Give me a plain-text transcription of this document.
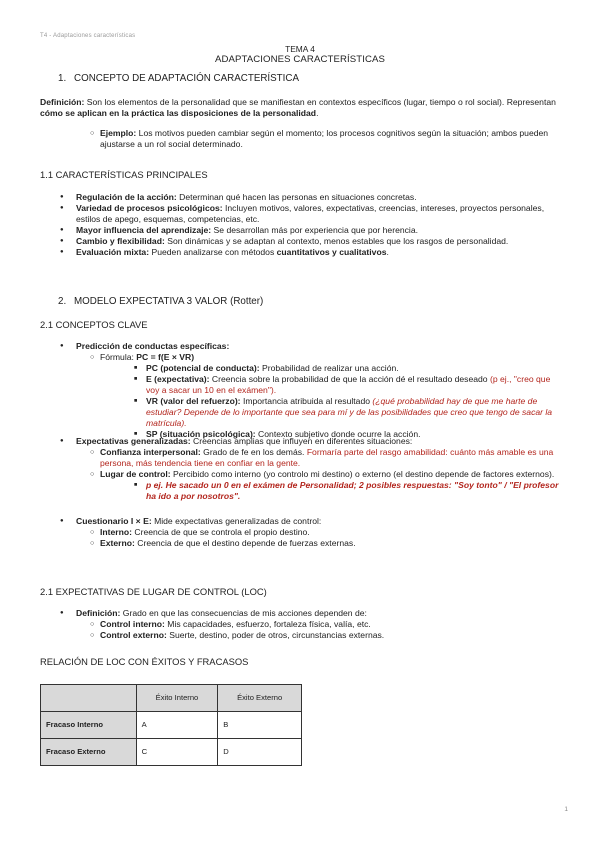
T4 - Adaptaciones características
TEMA 4
ADAPTACIONES CARACTERÍSTICAS
1. CONCEPTO DE ADAPTACIÓN CARACTERÍSTICA
Definición: Son los elementos de la personalidad que se manifiestan en contextos específicos (lugar, tiempo o rol social). Representan cómo se aplican en la práctica las disposiciones de la personalidad.
○ Ejemplo: Los motivos pueden cambiar según el momento; los procesos cognitivos según la situación; ambos pueden ajustarse a un rol social determinado.
1.1 CARACTERÍSTICAS PRINCIPALES
● Regulación de la acción: Determinan qué hacen las personas en situaciones concretas.
● Variedad de procesos psicológicos: Incluyen motivos, valores, expectativas, creencias, intereses, proyectos personales, estilos de apego, esquemas, competencias, etc.
● Mayor influencia del aprendizaje: Se desarrollan más por experiencia que por herencia.
● Cambio y flexibilidad: Son dinámicas y se adaptan al contexto, menos estables que los rasgos de personalidad.
● Evaluación mixta: Pueden analizarse con métodos cuantitativos y cualitativos.
2. MODELO EXPECTATIVA 3 VALOR (Rotter)
2.1 CONCEPTOS CLAVE
● Predicción de conductas específicas:
○ Fórmula: PC = f(E × VR)
■ PC (potencial de conducta): Probabilidad de realizar una acción.
■ E (expectativa): Creencia sobre la probabilidad de que la acción dé el resultado deseado (p ej., "creo que voy a sacar un 10 en el exámen").
■ VR (valor del refuerzo): Importancia atribuida al resultado (¿qué probabilidad hay de que me harte de estudiar? Depende de lo importante que sea para mí y de las posibilidades que creo que tengo de sacar la matrícula).
■ SP (situación psicológica): Contexto subjetivo donde ocurre la acción.
● Expectativas generalizadas: Creencias amplias que influyen en diferentes situaciones:
○ Confianza interpersonal: Grado de fe en los demás. Formaría parte del rasgo amabilidad: cuánto más amable es una persona, más tendencia tiene en confiar en la gente.
○ Lugar de control: Percibido como interno (yo controlo mi destino) o externo (el destino depende de factores externos).
■ p ej. He sacado un 0 en el exámen de Personalidad; 2 posibles respuestas: "Soy tonto" / "El profesor ha ido a por nosotros".
● Cuestionario I × E: Mide expectativas generalizadas de control:
○ Interno: Creencia de que se controla el propio destino.
○ Externo: Creencia de que el destino depende de fuerzas externas.
2.1 EXPECTATIVAS DE LUGAR DE CONTROL (LOC)
● Definición: Grado en que las consecuencias de mis acciones dependen de:
○ Control interno: Mis capacidades, esfuerzo, fortaleza física, valía, etc.
○ Control externo: Suerte, destino, poder de otros, circunstancias externas.
RELACIÓN DE LOC CON ÉXITOS Y FRACASOS
	Éxito Interno	Éxito Externo
Fracaso Interno	A	B
Fracaso Externo	C	D
1
